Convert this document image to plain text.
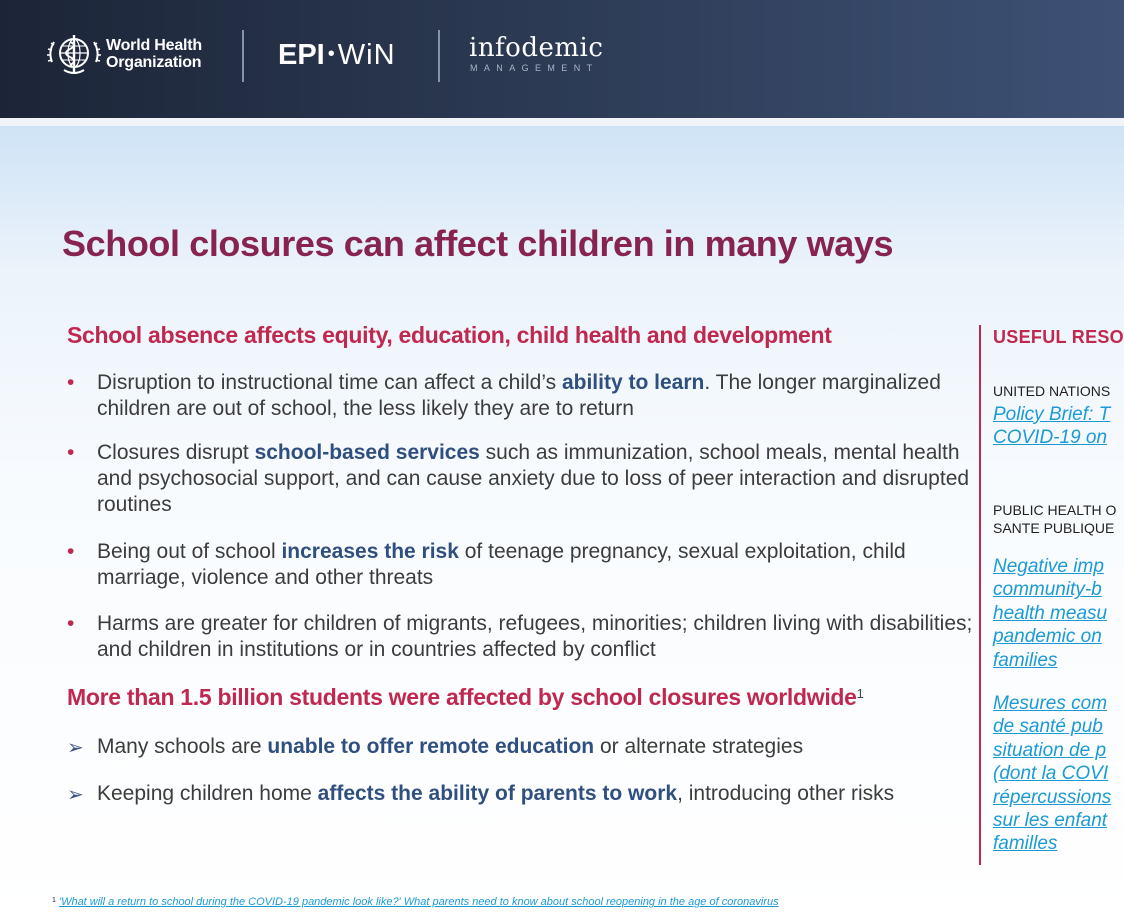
World Health
Organization	EPI • WiN	infodemic
MANAGEMENT
School closures can affect children in many ways
School absence affects equity, education, child health and development
• Disruption to instructional time can affect a child’s ability to learn. The longer marginalized children are out of school, the less likely they are to return
• Closures disrupt school-based services such as immunization, school meals, mental health and psychosocial support, and can cause anxiety due to loss of peer interaction and disrupted routines
• Being out of school increases the risk of teenage pregnancy, sexual exploitation, child marriage, violence and other threats
• Harms are greater for children of migrants, refugees, minorities; children living with disabilities; and children in institutions or in countries affected by conflict
More than 1.5 billion students were affected by school closures worldwide$^1$
➢ Many schools are unable to offer remote education or alternate strategies
➢ Keeping children home affects the ability of parents to work, introducing other risks
USEFUL RESO
UNITED NATIONS
Policy Brief: T
COVID-19 on
PUBLIC HEALTH O
SANTE PUBLIQUE
Negative imp
community-b
health measu
pandemic on
families
Mesures com
de santé pub
situation de p
(dont la COVI
répercussions
sur les enfant
familles
$^1$ 'What will a return to school during the COVID-19 pandemic look like?' What parents need to know about school reopening in the age of coronavirus
